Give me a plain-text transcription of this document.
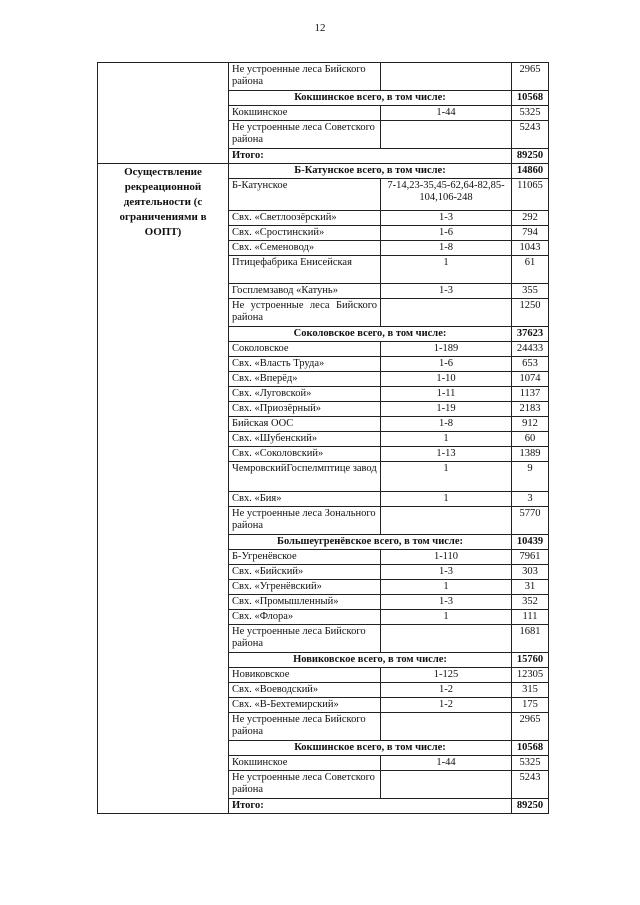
12
	Не устроенные леса Бийского района		2965
	Кокшинское всего, в том числе:		10568
	Кокшинское	1-44	5325
	Не устроенные леса Советского района		5243
	Итого:		89250
Осуществление рекреационной деятельности (с ограничениями в ООПТ)	Б-Катунское всего, в том числе:		14860
	Б-Катунское	7-14,23-35,45-62,64-82,85-104,106-248	11065
	Свх. «Светлоозёрский»	1-3	292
	Свх. «Сростинский»	1-6	794
	Свх. «Семеновод»	1-8	1043
	Птицефабрика Енисейская	1	61
	Госплемзавод «Катунь»	1-3	355
	Не устроенные леса Бийского района		1250
	Соколовское всего, в том числе:		37623
	Соколовское	1-189	24433
	Свх. «Власть Труда»	1-6	653
	Свх. «Вперёд»	1-10	1074
	Свх. «Луговской»	1-11	1137
	Свх. «Приозёрный»	1-19	2183
	Бийская ООС	1-8	912
	Свх. «Шубенский»	1	60
	Свх. «Соколовский»	1-13	1389
	ЧемровскийГоспелмптице завод	1	9
	Свх. «Бия»	1	3
	Не устроенные леса Зонального района		5770
	Большеугренёвское всего, в том числе:		10439
	Б-Угренёвское	1-110	7961
	Свх. «Бийский»	1-3	303
	Свх. «Угренёвский»	1	31
	Свх. «Промышленный»	1-3	352
	Свх. «Флора»	1	111
	Не устроенные леса Бийского района		1681
	Новиковское всего, в том числе:		15760
	Новиковское	1-125	12305
	Свх. «Воеводский»	1-2	315
	Свх. «В-Бехтемирский»	1-2	175
	Не устроенные леса Бийского района		2965
	Кокшинское всего, в том числе:		10568
	Кокшинское	1-44	5325
	Не устроенные леса Советского района		5243
	Итого:		89250
